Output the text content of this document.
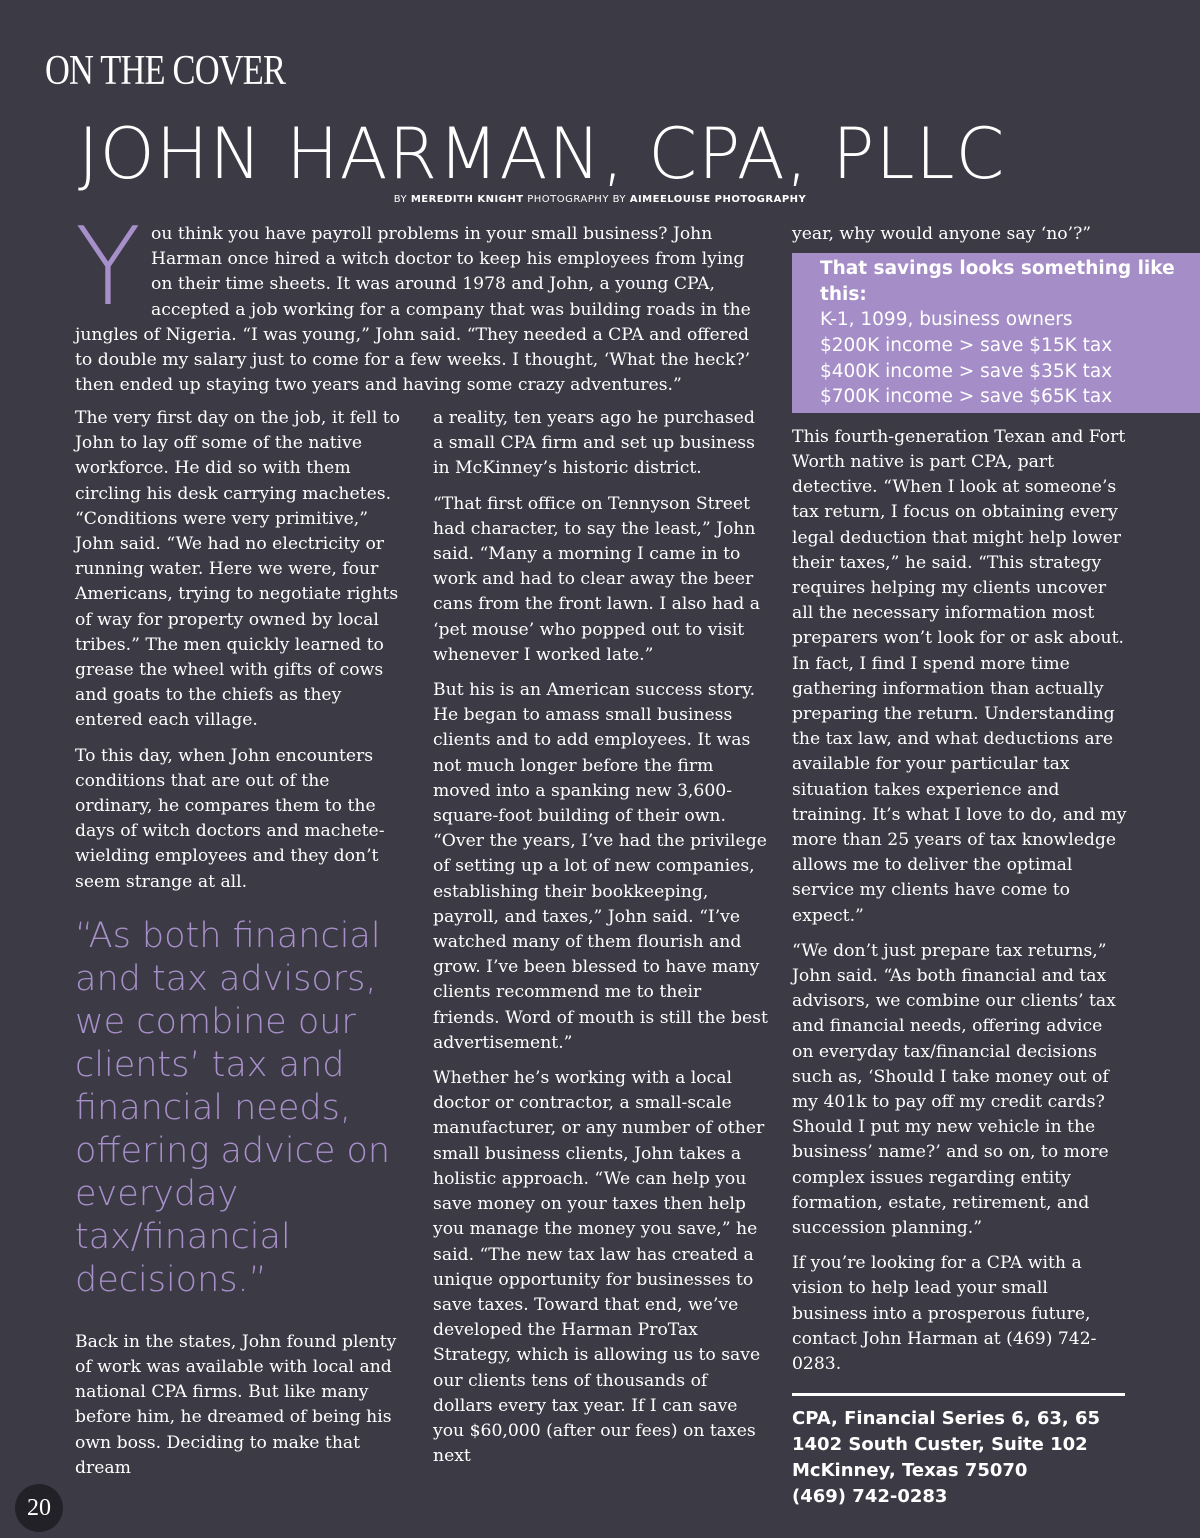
ON THE COVER
JOHN HARMAN, CPA, PLLC
BY MEREDITH KNIGHT PHOTOGRAPHY BY AIMEELOUISE PHOTOGRAPHY
Y ou think you have payroll problems in your small business? John Harman once hired a witch doctor to keep his employees from lying on their time sheets. It was around 1978 and John, a young CPA, accepted a job working for a company that was building roads in the jungles of Nigeria. “I was young,” John said. “They needed a CPA and offered to double my salary just to come for a few weeks. I thought, ‘What the heck?’ then ended up staying two years and having some crazy adventures.”

The very first day on the job, it fell to John to lay off some of the native workforce. He did so with them circling his desk carrying machetes. “Conditions were very primitive,” John said. “We had no electricity or running water. Here we were, four Americans, trying to negotiate rights of way for property owned by local tribes.” The men quickly learned to grease the wheel with gifts of cows and goats to the chiefs as they entered each village.

To this day, when John encounters conditions that are out of the ordinary, he compares them to the days of witch doctors and machete-wielding employees and they don’t seem strange at all.

“As both financial and tax advisors, we combine our clients’ tax and financial needs, offering advice on everyday tax/financial decisions.”

Back in the states, John found plenty of work was available with local and national CPA firms. But like many before him, he dreamed of being his own boss. Deciding to make that dream

a reality, ten years ago he purchased a small CPA firm and set up business in McKinney’s historic district.

“That first office on Tennyson Street had character, to say the least,” John said. “Many a morning I came in to work and had to clear away the beer cans from the front lawn. I also had a ‘pet mouse’ who popped out to visit whenever I worked late.”

But his is an American success story. He began to amass small business clients and to add employees. It was not much longer before the firm moved into a spanking new 3,600-square-foot building of their own. “Over the years, I’ve had the privilege of setting up a lot of new companies, establishing their bookkeeping, payroll, and taxes,” John said. “I’ve watched many of them flourish and grow. I’ve been blessed to have many clients recommend me to their friends. Word of mouth is still the best advertisement.”

Whether he’s working with a local doctor or contractor, a small-scale manufacturer, or any number of other small business clients, John takes a holistic approach. “We can help you save money on your taxes then help you manage the money you save,” he said. “The new tax law has created a unique opportunity for businesses to save taxes. Toward that end, we’ve developed the Harman ProTax Strategy, which is allowing us to save our clients tens of thousands of dollars every tax year. If I can save you $60,000 (after our fees) on taxes next

year, why would anyone say ‘no’?”

That savings looks something like this:
K-1, 1099, business owners
$200K income > save $15K tax
$400K income > save $35K tax
$700K income > save $65K tax

This fourth-generation Texan and Fort Worth native is part CPA, part detective. “When I look at someone’s tax return, I focus on obtaining every legal deduction that might help lower their taxes,” he said. “This strategy requires helping my clients uncover all the necessary information most preparers won’t look for or ask about. In fact, I find I spend more time gathering information than actually preparing the return. Understanding the tax law, and what deductions are available for your particular tax situation takes experience and training. It’s what I love to do, and my more than 25 years of tax knowledge allows me to deliver the optimal service my clients have come to expect.”

“We don’t just prepare tax returns,” John said. “As both financial and tax advisors, we combine our clients’ tax and financial needs, offering advice on everyday tax/financial decisions such as, ‘Should I take money out of my 401k to pay off my credit cards? Should I put my new vehicle in the business’ name?’ and so on, to more complex issues regarding entity formation, estate, retirement, and succession planning.”

If you’re looking for a CPA with a vision to help lead your small business into a prosperous future, contact John Harman at (469) 742-0283.

CPA, Financial Series 6, 63, 65
1402 South Custer, Suite 102
McKinney, Texas 75070
(469) 742-0283
20
